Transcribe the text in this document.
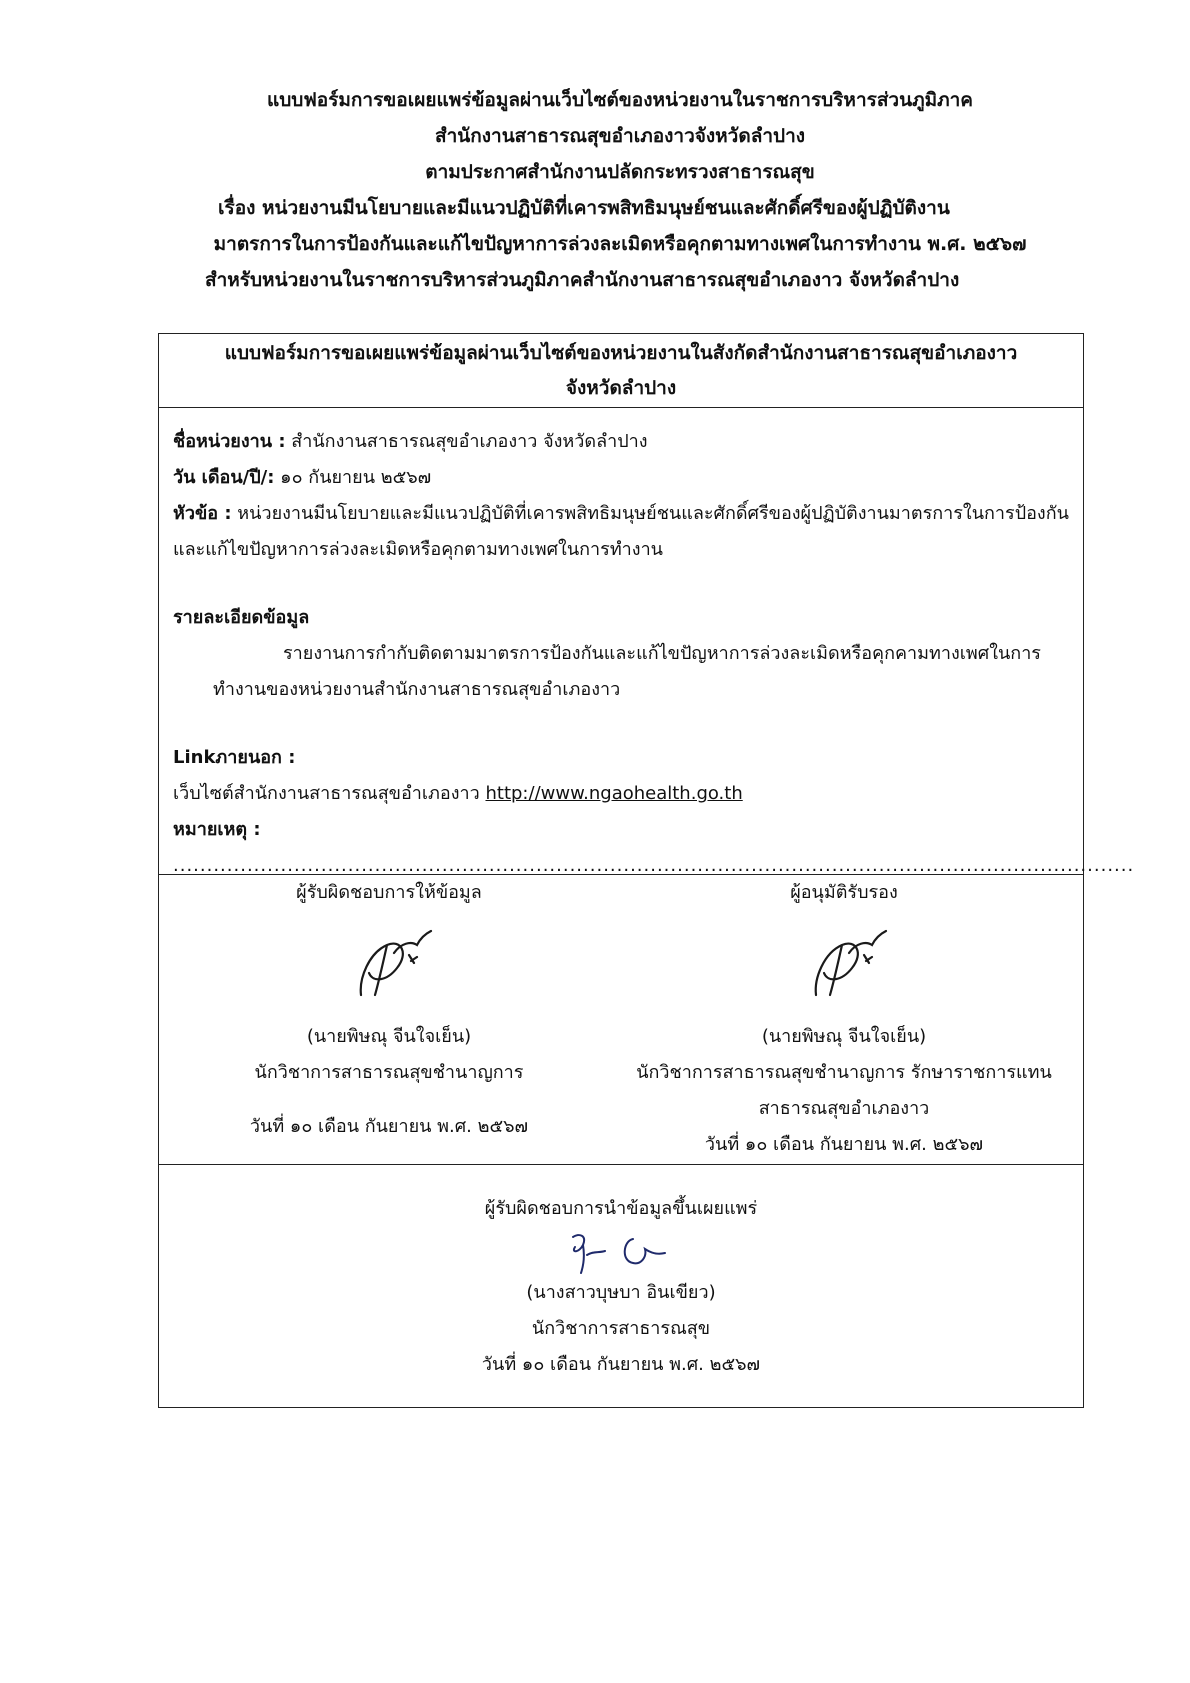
แบบฟอร์มการขอเผยแพร่ข้อมูลผ่านเว็บไซต์ของหน่วยงานในราชการบริหารส่วนภูมิภาค
สำนักงานสาธารณสุขอำเภองาวจังหวัดลำปาง
ตามประกาศสำนักงานปลัดกระทรวงสาธารณสุข
เรื่อง หน่วยงานมีนโยบายและมีแนวปฏิบัติที่เคารพสิทธิมนุษย์ชนและศักดิ์ศรีของผู้ปฏิบัติงาน
มาตรการในการป้องกันและแก้ไขปัญหาการล่วงละเมิดหรือคุกตามทางเพศในการทำงาน พ.ศ. ๒๕๖๗
สำหรับหน่วยงานในราชการบริหารส่วนภูมิภาคสำนักงานสาธารณสุขอำเภองาว จังหวัดลำปาง
แบบฟอร์มการขอเผยแพร่ข้อมูลผ่านเว็บไซต์ของหน่วยงานในสังกัดสำนักงานสาธารณสุขอำเภองาว
จังหวัดลำปาง
ชื่อหน่วยงาน : สำนักงานสาธารณสุขอำเภองาว จังหวัดลำปาง
วัน เดือน/ปี/: ๑๐ กันยายน ๒๕๖๗
หัวข้อ : หน่วยงานมีนโยบายและมีแนวปฏิบัติที่เคารพสิทธิมนุษย์ชนและศักดิ์ศรีของผู้ปฏิบัติงานมาตรการในการป้องกันและแก้ไขปัญหาการล่วงละเมิดหรือคุกตามทางเพศในการทำงาน
รายละเอียดข้อมูล
รายงานการกำกับติดตามมาตรการป้องกันและแก้ไขปัญหาการล่วงละเมิดหรือคุกคามทางเพศในการทำงานของหน่วยงานสำนักงานสาธารณสุขอำเภองาว
Linkภายนอก :
เว็บไซต์สำนักงานสาธารณสุขอำเภองาว http://www.ngaohealth.go.th
หมายเหตุ : ...............................................................................................................................................
ผู้รับผิดชอบการให้ข้อมูล
(นายพิษณุ จีนใจเย็น)
นักวิชาการสาธารณสุขชำนาญการ
วันที่ ๑๐ เดือน กันยายน พ.ศ. ๒๕๖๗
ผู้อนุมัติรับรอง
(นายพิษณุ จีนใจเย็น)
นักวิชาการสาธารณสุขชำนาญการ รักษาราชการแทน
สาธารณสุขอำเภองาว
วันที่ ๑๐ เดือน กันยายน พ.ศ. ๒๕๖๗
ผู้รับผิดชอบการนำข้อมูลขึ้นเผยแพร่
(นางสาวบุษบา อินเขียว)
นักวิชาการสาธารณสุข
วันที่ ๑๐ เดือน กันยายน พ.ศ. ๒๕๖๗
